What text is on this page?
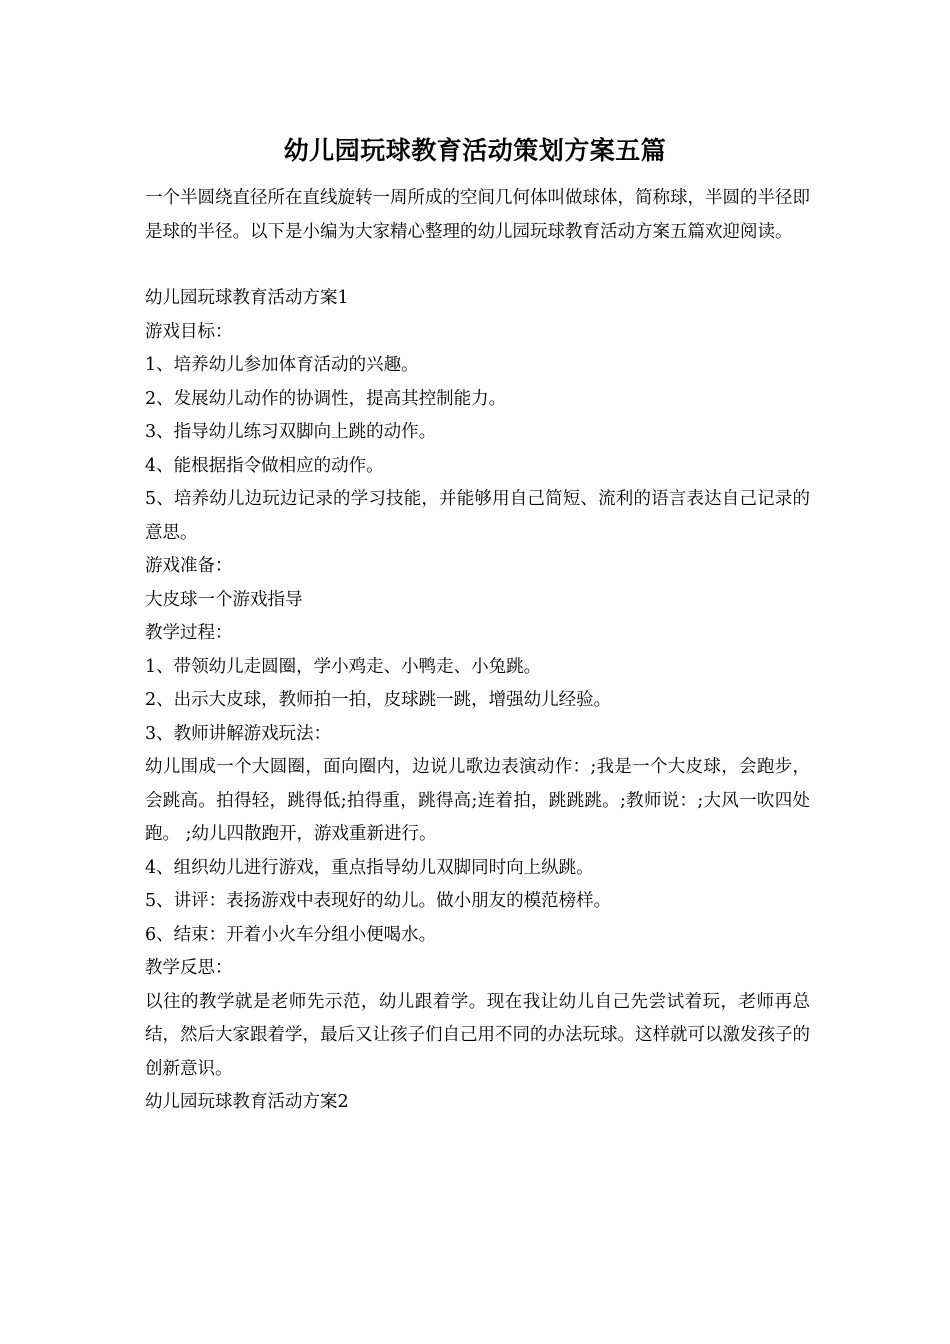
幼儿园玩球教育活动策划方案五篇

一个半圆绕直径所在直线旋转一周所成的空间几何体叫做球体，简称球，半圆的半径即是球的半径。以下是小编为大家精心整理的幼儿园玩球教育活动方案五篇欢迎阅读。

幼儿园玩球教育活动方案1

游戏目标：

1、培养幼儿参加体育活动的兴趣。

2、发展幼儿动作的协调性，提高其控制能力。

3、指导幼儿练习双脚向上跳的动作。

4、能根据指令做相应的动作。

5、培养幼儿边玩边记录的学习技能，并能够用自己简短、流利的语言表达自己记录的意思。

游戏准备：

大皮球一个游戏指导

教学过程：

1、带领幼儿走圆圈，学小鸡走、小鸭走、小兔跳。

2、出示大皮球，教师拍一拍，皮球跳一跳，增强幼儿经验。

3、教师讲解游戏玩法：

幼儿围成一个大圆圈，面向圈内，边说儿歌边表演动作：;我是一个大皮球，会跑步，会跳高。拍得轻，跳得低;拍得重，跳得高;连着拍，跳跳跳。;教师说：;大风一吹四处跑。 ;幼儿四散跑开，游戏重新进行。

4、组织幼儿进行游戏，重点指导幼儿双脚同时向上纵跳。

5、讲评：表扬游戏中表现好的幼儿。做小朋友的模范榜样。

6、结束：开着小火车分组小便喝水。

教学反思：

以往的教学就是老师先示范，幼儿跟着学。现在我让幼儿自己先尝试着玩，老师再总结，然后大家跟着学，最后又让孩子们自己用不同的办法玩球。这样就可以激发孩子的创新意识。

幼儿园玩球教育活动方案2
